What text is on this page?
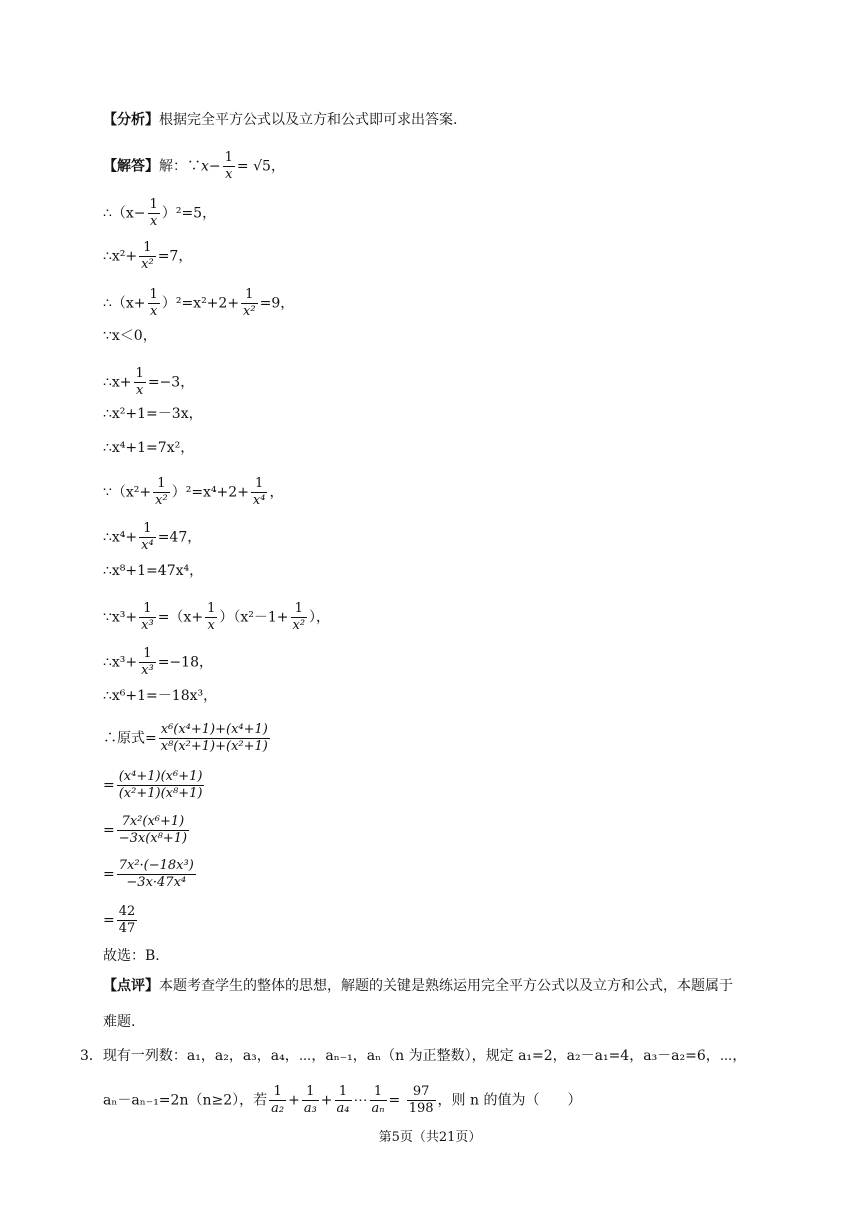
【分析】根据完全平方公式以及立方和公式即可求出答案.
【解答】解：∵x− $\frac{1}{x} = √5$，
∴（x− $\frac{1}{x} )^2=5$，
∴x²+ $\frac{1}{\text{x²}} =7$，
∴（x+ $\frac{1}{x} )^2=x^2+2+ \frac{1}{\text{x²}} =9$，
∵x＜0，
∴x+ $\frac{1}{x} =-3$，
∴x²+1=－3x，
∴x⁴+1=7x²，
∵（x²+ $\frac{1}{\text{x²}} )^2=x^4+2+ \frac{1}{\text{x⁴}}$ ，
∴x⁴+ $\frac{1}{\text{x⁴}} =47$，
∴x⁸+1=47x⁴，
∵x³+ $\frac{1}{\text{x³}} =(x+ \frac{1}{x} )(x^2-1+ \frac{1}{\text{x²}}$ ），
∴x³+ $\frac{1}{\text{x³}} =-18$，
∴x⁶+1=－18x³，
∴原式= $\frac{\text{x⁶(x⁴+1)+(x⁴+1)}}{\text{x⁸(x²+1)+(x²+1)}}$
= $\frac{\text{(x⁴+1)(x⁶+1)}}{\text{(x²+1)(x⁸+1)}}$
= $\frac{\text{7x²(x⁶+1)}}{\text{−3x(x⁸+1)}}$
= $\frac{\text{7x²·(−18x³)}}{\text{−3x·47x⁴}}$
= $\frac{42}{47}$
故选：B.
【点评】本题考查学生的整体的思想，解题的关键是熟练运用完全平方公式以及立方和公式，本题属于
难题.
3．现有一列数：a₁，a₂，a₃，a₄，⋯，aₙ₋₁，aₙ（n 为正整数），规定 a₁=2，a₂－a₁=4，a₃－a₂=6，⋯，
aₙ－aₙ₋₁=2n（n≥2），若 $\frac{1}{\text{a₂}} + \frac{1}{\text{a₃}} + \frac{1}{\text{a₄}}$ ⋯ $\frac{1}{\text{aₙ}} = \frac{97}{198}$ ，则 n 的值为（　　）
第5页（共21页）
